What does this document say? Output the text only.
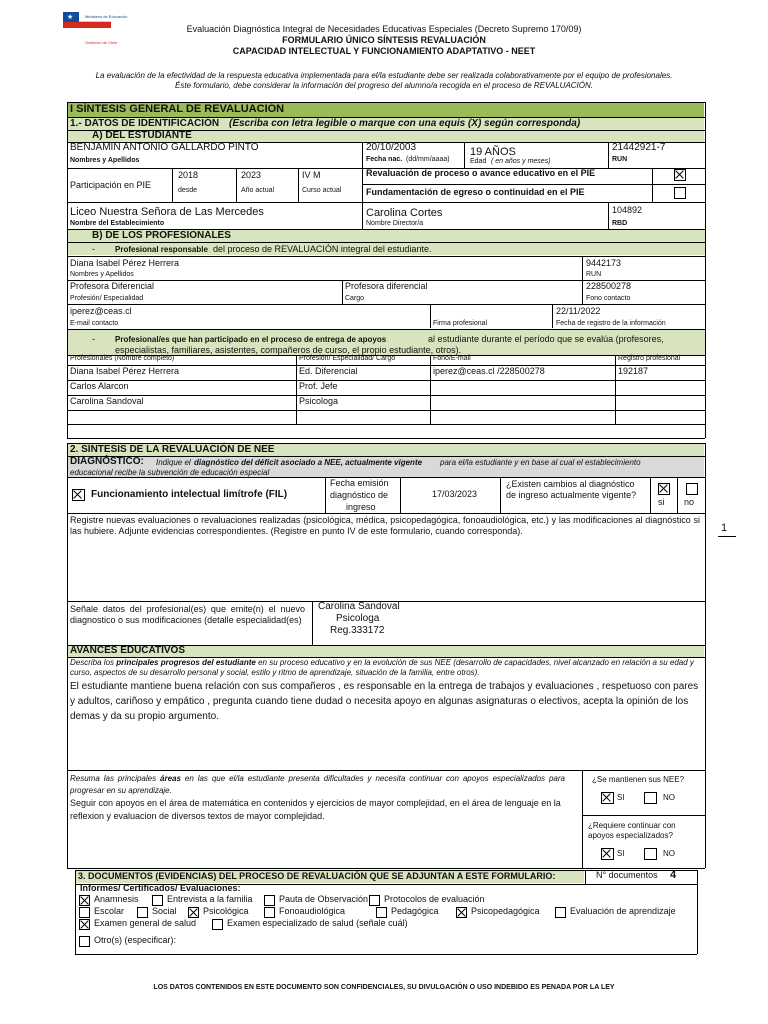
★	Ministerio de Educación
Gobierno de Chile
Evaluación Diagnóstica Integral de Necesidades Educativas Especiales (Decreto Supremo 170/09)
FORMULARIO ÚNICO SÍNTESIS REVALUACIÓN
CAPACIDAD INTELECTUAL Y FUNCIONAMIENTO ADAPTATIVO - NEET
La evaluación de la efectividad de la respuesta educativa implementada para el/la estudiante debe ser realizada colaborativamente por el equipo de profesionales.
Éste formulario, debe considerar la información del progreso del alumno/a recogida en el proceso de REVALUACIÓN.
I SÍNTESIS GENERAL DE REVALUACIÓN
1.- DATOS DE IDENTIFICACIÓN (Escriba con letra legible o marque con una equis (X) según corresponda)
A) DEL ESTUDIANTE
BENJAMIN ANTONIO GALLARDO PINTO
Nombres y Apellidos
20/10/2003
Fecha nac. (dd/mm/aaaa)
19 AÑOS
Edad ( en años y meses)
21442921-7
RUN
Participación en PIE
2018
desde
2023
Año actual
IV M
Curso actual
Revaluación de proceso o avance educativo en el PIE
Fundamentación de egreso o continuidad en el PIE
Liceo Nuestra Señora de Las Mercedes
Nombre del Establecimiento
Carolina Cortes
Nombre Director/a
104892
RBD
B) DE LOS PROFESIONALES
-	Profesional responsable del proceso de REVALUACIÓN integral del estudiante.
Diana Isabel Pérez Herrera
Nombres y Apellidos
9442173
RUN
Profesora Diferencial
Profesión/ Especialidad
Profesora diferencial
Cargo
228500278
Fono contacto
iperez@ceas.cl
E-mail contacto	Firma profesional
22/11/2022
Fecha de registro de la información
-	Profesional/es que han participado en el proceso de entrega de apoyos	al estudiante durante el período que se evalúa (profesores,
especialistas, familiares, asistentes, compañeros de curso, el propio estudiante, otros).
Profesionales (Nombre completo)	Profesión/ Especialidad/ Cargo	Fono/E-mail	Registro profesional
Diana Isabel Pérez Herrera	Ed. Diferencial	iperez@ceas.cl /228500278	192187
Carlos Alarcon	Prof. Jefe
Carolina Sandoval	Psicologa
2. SÍNTESIS DE LA REVALUACIÓN DE NEE
DIAGNÓSTICO: Indique el diagnóstico del déficit asociado a NEE, actualmente vigente para el/la estudiante y en base al cual el establecimiento
educacional recibe la subvención de educación especial
Funcionamiento intelectual limítrofe (FIL)
Fecha emisión
diagnóstico de
ingreso
17/03/2023
¿Existen cambios al diagnóstico
de ingreso actualmente vigente?
si no
Registre nuevas evaluaciones o revaluaciones realizadas (psicológica, médica, psicopedagógica, fonoaudiológica, etc.) y las modificaciones al diagnóstico si las hubiere. Adjunte evidencias correspondientes. (Registre en punto IV de este formulario, cuando corresponda).
Señale datos del profesional(es) que emite(n) el nuevo diagnostico o sus modificaciones (detalle especialidad(es)
Carolina Sandoval
Psicologa
Reg.333172
1
AVANCES EDUCATIVOS
Describa los principales progresos del estudiante en su proceso educativo y en la evolución de sus NEE (desarrollo de capacidades, nivel alcanzado en relación a su edad y curso, aspectos de su desarrollo personal y social, estilo y ritmo de aprendizaje, situación de la familia, entre otros).
El estudiante mantiene buena relación con sus compañeros , es responsable en la entrega de trabajos y evaluaciones , respetuoso con pares y adultos, cariñoso y empático , pregunta cuando tiene dudad o necesita apoyo en algunas asignaturas o electivos, acepta la opinión de los demas y da su propio argumento.
Resuma las principales áreas en las que el/la estudiante presenta dificultades y necesita continuar con apoyos especializados para progresar en su aprendizaje.
Seguir con apoyos en el área de matemática en contenidos y ejercicios de mayor complejidad, en el área de lenguaje en la reflexion y evaluacion de diversos textos de mayor complejidad.
¿Se mantienen sus NEE?
SI	NO
¿Requiere continuar con
apoyos especializados?
SI	NO
3. DOCUMENTOS (EVIDENCIAS) DEL PROCESO DE REVALUACIÓN QUE SE ADJUNTAN A ESTE FORMULARIO:	N° documentos 4
Informes/ Certificados/ Evaluaciones:
Anamnesis	Entrevista a la familia	Pauta de Observación Protocolos de evaluación
Escolar	Social	Psicológica	Fonoaudiológica	Pedagógica	Psicopedagógica	Evaluación de aprendizaje
Examen general de salud	Examen especializado de salud (señale cuál)
Otro(s) (especificar):
LOS DATOS CONTENIDOS EN ESTE DOCUMENTO SON CONFIDENCIALES, SU DIVULGACIÓN O USO INDEBIDO ES PENADA POR LA LEY
